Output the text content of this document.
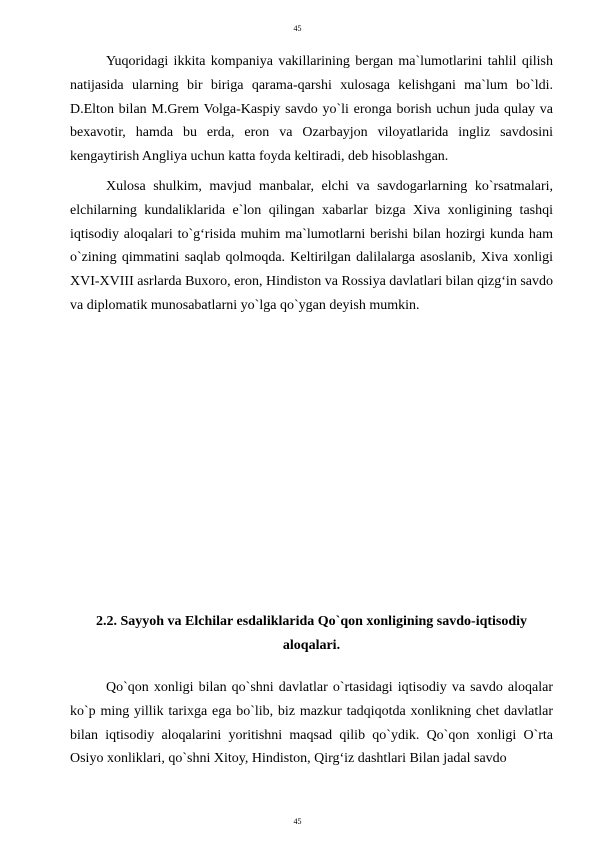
45

Yuqoridagi ikkita kompaniya vakillarining bergan ma`lumotlarini tahlil qilish natijasida ularning bir biriga qarama-qarshi xulosaga kelishgani ma`lum bo`ldi. D.Elton bilan M.Grem Volga-Kaspiy savdo yo`li eronga borish uchun juda qulay va bexavotir, hamda bu erda, eron va Ozarbayjon viloyatlarida ingliz savdosini kengaytirish Angliya uchun katta foyda keltiradi, deb hisoblashgan.

Xulosa shulkim, mavjud manbalar, elchi va savdogarlarning ko`rsatmalari, elchilarning kundaliklarida e`lon qilingan xabarlar bizga Xiva xonligining tashqi iqtisodiy aloqalari to`g‘risida muhim ma`lumotlarni berishi bilan hozirgi kunda ham o`zining qimmatini saqlab qolmoqda. Keltirilgan dalilalarga asoslanib, Xiva xonligi XVI-XVIII asrlarda Buxoro, eron, Hindiston va Rossiya davlatlari bilan qizg‘in savdo va diplomatik munosabatlarni yo`lga qo`ygan deyish mumkin.

2.2. Sayyoh va Elchilar esdaliklarida Qo`qon xonligining savdo-iqtisodiy aloqalari.

Qo`qon xonligi bilan qo`shni davlatlar o`rtasidagi iqtisodiy va savdo aloqalar ko`p ming yillik tarixga ega bo`lib, biz mazkur tadqiqotda xonlikning chet davlatlar bilan iqtisodiy aloqalarini yoritishni maqsad qilib qo`ydik. Qo`qon xonligi O`rta Osiyo xonliklari, qo`shni Xitoy, Hindiston, Qirg‘iz dashtlari Bilan jadal savdo

45
